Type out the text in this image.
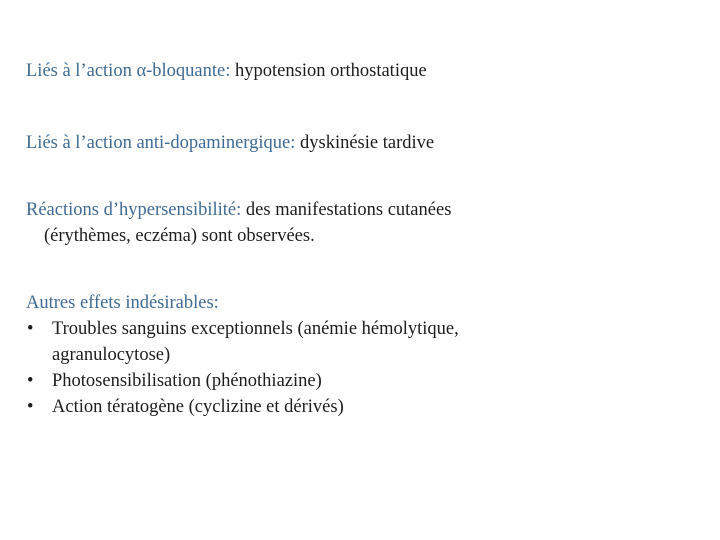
Liés à l’action α-bloquante: hypotension orthostatique
Liés à l’action anti-dopaminergique: dyskinésie tardive
Réactions d’hypersensibilité: des manifestations cutanées
(érythèmes, eczéma) sont observées.
Autres effets indésirables:
•	Troubles sanguins exceptionnels (anémie hémolytique,
agranulocytose)
•	Photosensibilisation (phénothiazine)
•	Action tératogène (cyclizine et dérivés)
